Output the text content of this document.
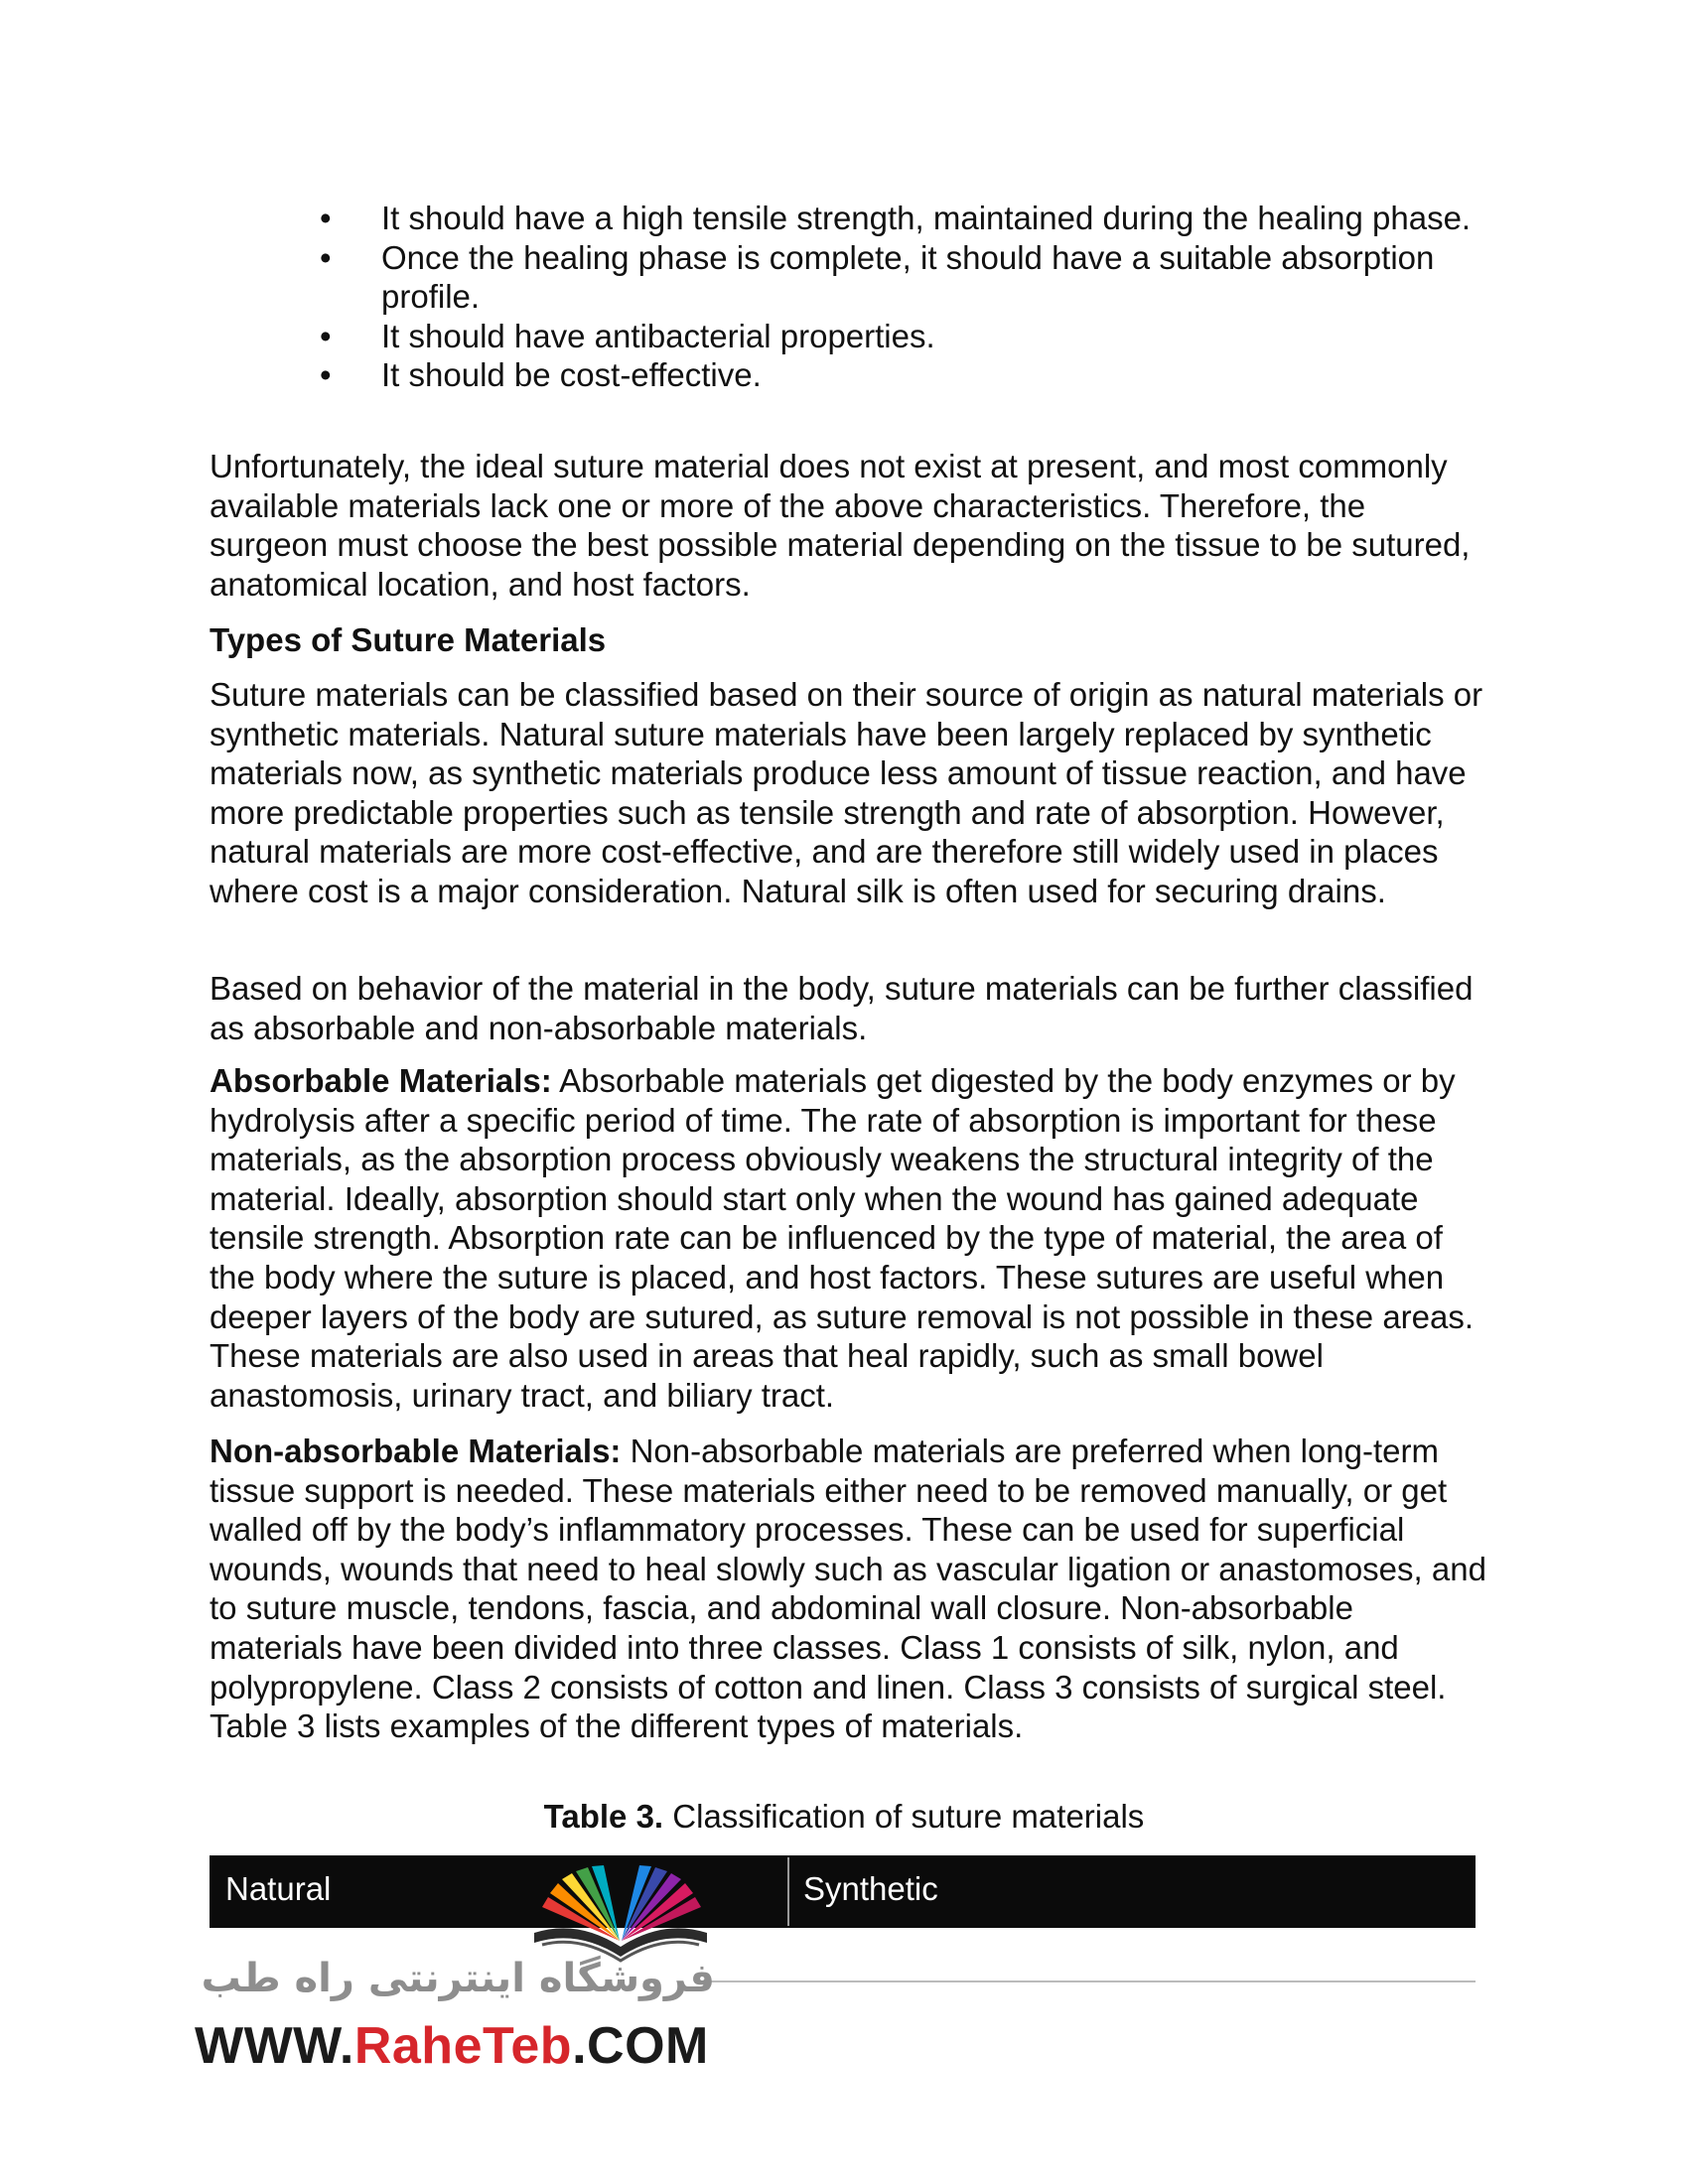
• It should have a high tensile strength, maintained during the healing phase.
• Once the healing phase is complete, it should have a suitable absorption profile.
• It should have antibacterial properties.
• It should be cost-effective.

Unfortunately, the ideal suture material does not exist at present, and most commonly available materials lack one or more of the above characteristics. Therefore, the surgeon must choose the best possible material depending on the tissue to be sutured, anatomical location, and host factors.

Types of Suture Materials

Suture materials can be classified based on their source of origin as natural materials or synthetic materials. Natural suture materials have been largely replaced by synthetic materials now, as synthetic materials produce less amount of tissue reaction, and have more predictable properties such as tensile strength and rate of absorption. However, natural materials are more cost-effective, and are therefore still widely used in places where cost is a major consideration. Natural silk is often used for securing drains.

Based on behavior of the material in the body, suture materials can be further classified as absorbable and non-absorbable materials.

Absorbable Materials: Absorbable materials get digested by the body enzymes or by hydrolysis after a specific period of time. The rate of absorption is important for these materials, as the absorption process obviously weakens the structural integrity of the material. Ideally, absorption should start only when the wound has gained adequate tensile strength. Absorption rate can be influenced by the type of material, the area of the body where the suture is placed, and host factors. These sutures are useful when deeper layers of the body are sutured, as suture removal is not possible in these areas. These materials are also used in areas that heal rapidly, such as small bowel anastomosis, urinary tract, and biliary tract.

Non-absorbable Materials: Non-absorbable materials are preferred when long-term tissue support is needed. These materials either need to be removed manually, or get walled off by the body’s inflammatory processes. These can be used for superficial wounds, wounds that need to heal slowly such as vascular ligation or anastomoses, and to suture muscle, tendons, fascia, and abdominal wall closure. Non-absorbable materials have been divided into three classes. Class 1 consists of silk, nylon, and polypropylene. Class 2 consists of cotton and linen. Class 3 consists of surgical steel. Table 3 lists examples of the different types of materials.

Table 3. Classification of suture materials
Natural	Synthetic
فروشگاه اینترنتی راه طب
WWW.RaheTeb.COM
